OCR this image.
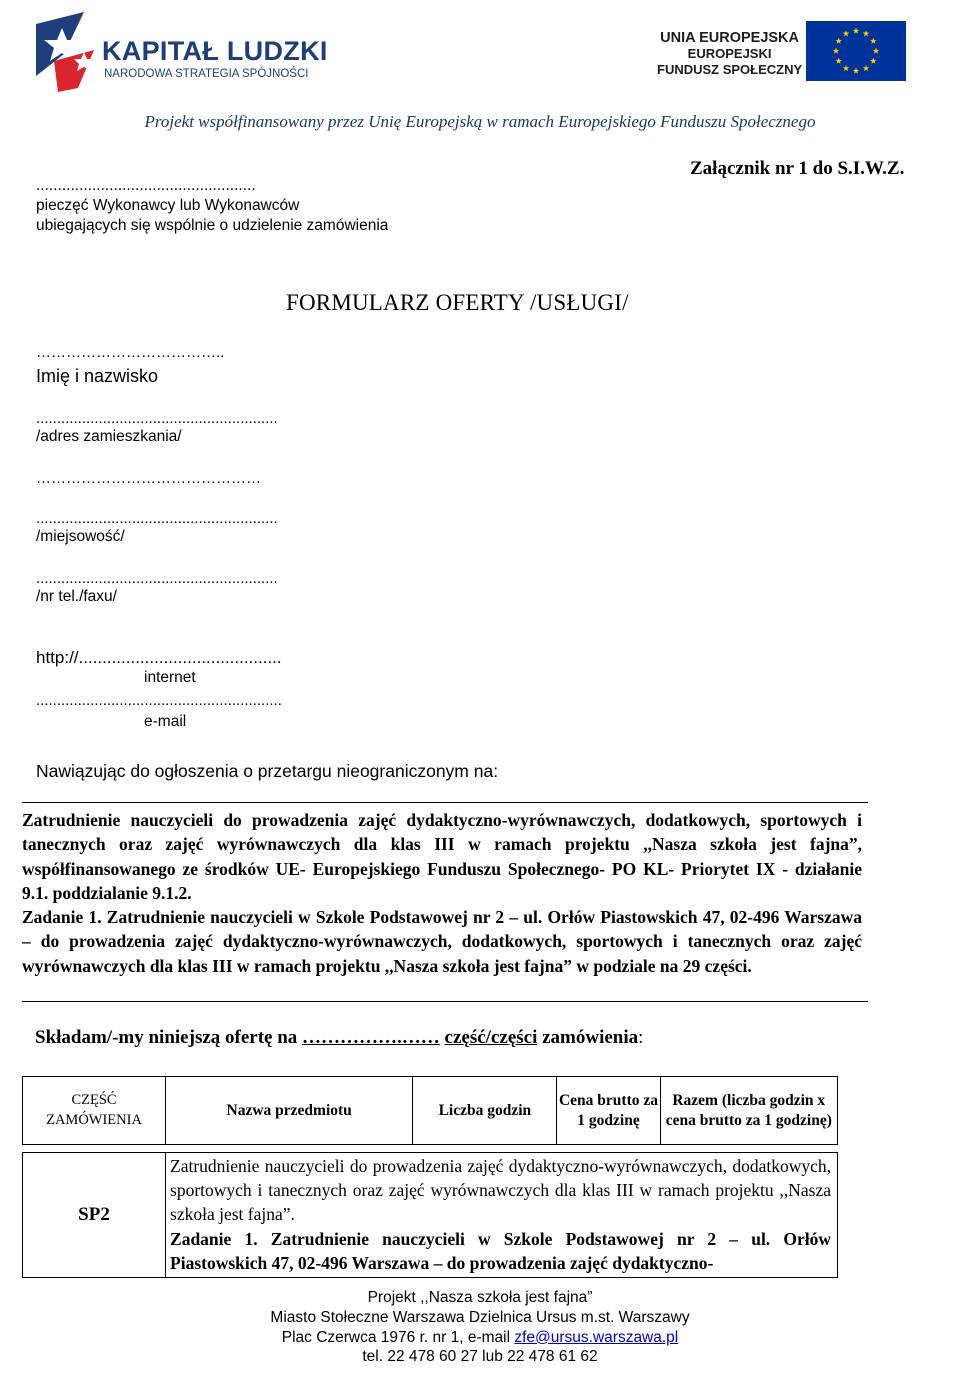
KAPITAŁ LUDZKI
NARODOWA STRATEGIA SPÓJNOŚCI
UNIA EUROPEJSKA
EUROPEJSKI
FUNDUSZ SPOŁECZNY
Projekt współfinansowany przez Unię Europejską w ramach Europejskiego Funduszu Społecznego
Załącznik nr 1 do S.I.W.Z.
...................................................
pieczęć Wykonawcy lub Wykonawców
ubiegających się wspólnie o udzielenie zamówienia
FORMULARZ OFERTY /USŁUGI/
………………………………..
Imię i nazwisko
..........................................................
/adres zamieszkania/
………………………………………
..........................................................
/miejsowość/
..........................................................
/nr tel./faxu/
http://...........................................
internet
...........................................................
e-mail
Nawiązując do ogłoszenia o przetargu nieograniczonym na:
Zatrudnienie nauczycieli do prowadzenia zajęć dydaktyczno-wyrównawczych, dodatkowych, sportowych i tanecznych oraz zajęć wyrównawczych dla klas III w ramach projektu ,,Nasza szkoła jest fajna”, współfinansowanego ze środków UE- Europejskiego Funduszu Społecznego- PO KL- Priorytet IX - działanie 9.1. poddzialanie 9.1.2.
Zadanie 1. Zatrudnienie nauczycieli w Szkole Podstawowej nr 2 ‒ ul. Orłów Piastowskich 47, 02-496 Warszawa ‒ do prowadzenia zajęć dydaktyczno-wyrównawczych, dodatkowych, sportowych i tanecznych oraz zajęć wyrównawczych dla klas III w ramach projektu ,,Nasza szkoła jest fajna” w podziale na 29 części.
Składam/-my niniejszą ofertę na …………….…… część/części zamówienia:
CZĘŚĆ ZAMÓWIENIA	Nazwa przedmiotu	Liczba godzin	Cena brutto za 1 godzinę	Razem (liczba godzin x cena brutto za 1 godzinę)

SP2	Zatrudnienie nauczycieli do prowadzenia zajęć dydaktyczno-wyrównawczych, dodatkowych, sportowych i tanecznych oraz zajęć wyrównawczych dla klas III w ramach projektu ,,Nasza szkoła jest fajna”.
Zadanie 1. Zatrudnienie nauczycieli w Szkole Podstawowej nr 2 ‒ ul. Orłów Piastowskich 47, 02-496 Warszawa ‒ do prowadzenia zajęć dydaktyczno-			
Projekt ,,Nasza szkoła jest fajna”
Miasto Stołeczne Warszawa Dzielnica Ursus m.st. Warszawy
Plac Czerwca 1976 r. nr 1, e-mail zfe@ursus.warszawa.pl
tel. 22 478 60 27 lub 22 478 61 62
